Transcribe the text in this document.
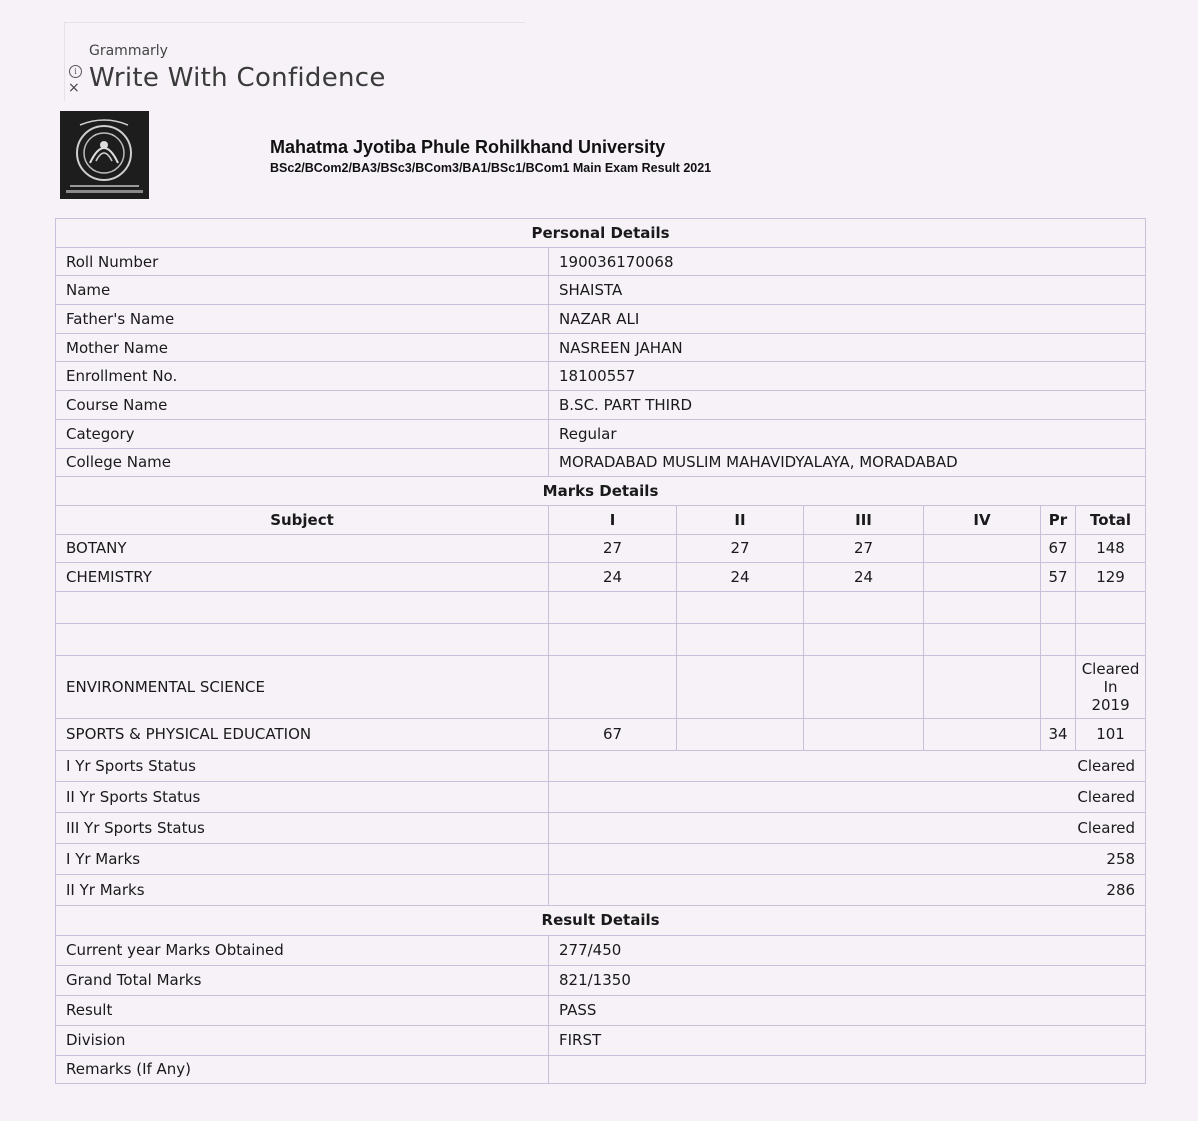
Grammarly
Write With Confidence
i
×
Mahatma Jyotiba Phule Rohilkhand University
BSc2/BCom2/BA3/BSc3/BCom3/BA1/BSc1/BCom1 Main Exam Result 2021
Personal Details						
Roll Number	190036170068					
Name	SHAISTA					
Father's Name	NAZAR ALI					
Mother Name	NASREEN JAHAN					
Enrollment No.	18100557					
Course Name	B.SC. PART THIRD					
Category	Regular					
College Name	MORADABAD MUSLIM MAHAVIDYALAYA, MORADABAD					
Marks Details						
Subject	I	II	III	IV	Pr	Total
BOTANY	27	27	27		67	148
CHEMISTRY	24	24	24		57	129

ENVIRONMENTAL SCIENCE						Cleared
In
2019

SPORTS & PHYSICAL EDUCATION	67				34	101
I Yr Sports Status	Cleared					
II Yr Sports Status	Cleared					
III Yr Sports Status	Cleared					
I Yr Marks	258					
II Yr Marks	286					
Result Details						
Current year Marks Obtained	277/450					
Grand Total Marks	821/1350					
Result	PASS					
Division	FIRST					
Remarks (If Any)						
